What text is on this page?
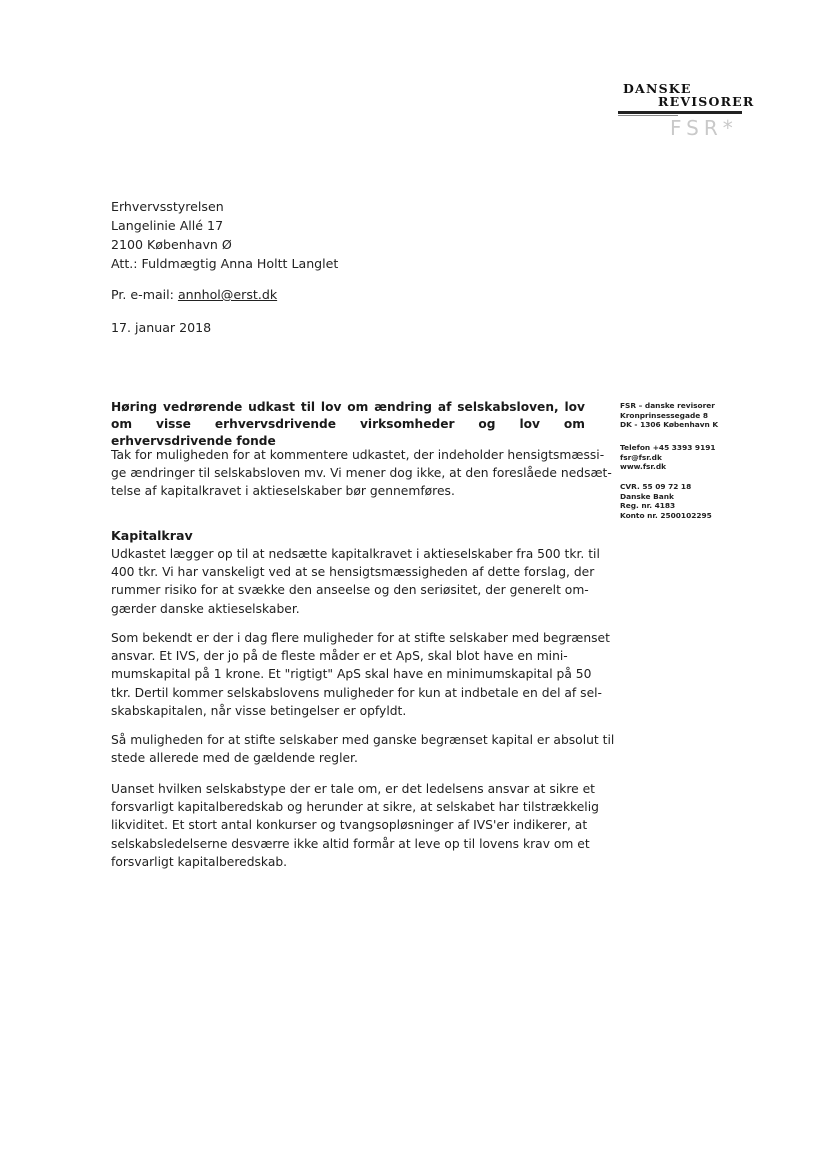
DANSKE
REVISORER
FSR*
Erhvervsstyrelsen
Langelinie Allé 17
2100 København Ø
Att.: Fuldmægtig Anna Holtt Langlet
Pr. e-mail: annhol@erst.dk
17. januar 2018
Høring vedrørende udkast til lov om ændring af selskabsloven, lov om visse erhvervsdrivende virksomheder og lov om erhvervsdrivende fonde
FSR – danske revisorer
Kronprinsessegade 8
DK - 1306 København K
Telefon +45 3393 9191
fsr@fsr.dk
www.fsr.dk
CVR. 55 09 72 18
Danske Bank
Reg. nr. 4183
Konto nr. 2500102295
Tak for muligheden for at kommentere udkastet, der indeholder hensigtsmæssi-
ge ændringer til selskabsloven mv. Vi mener dog ikke, at den foreslåede nedsæt-
telse af kapitalkravet i aktieselskaber bør gennemføres.
Kapitalkrav
Udkastet lægger op til at nedsætte kapitalkravet i aktieselskaber fra 500 tkr. til
400 tkr. Vi har vanskeligt ved at se hensigtsmæssigheden af dette forslag, der
rummer risiko for at svække den anseelse og den seriøsitet, der generelt om-
gærder danske aktieselskaber.
Som bekendt er der i dag flere muligheder for at stifte selskaber med begrænset
ansvar. Et IVS, der jo på de fleste måder er et ApS, skal blot have en mini-
mumskapital på 1 krone. Et "rigtigt" ApS skal have en minimumskapital på 50
tkr. Dertil kommer selskabslovens muligheder for kun at indbetale en del af sel-
skabskapitalen, når visse betingelser er opfyldt.
Så muligheden for at stifte selskaber med ganske begrænset kapital er absolut til
stede allerede med de gældende regler.
Uanset hvilken selskabstype der er tale om, er det ledelsens ansvar at sikre et
forsvarligt kapitalberedskab og herunder at sikre, at selskabet har tilstrækkelig
likviditet. Et stort antal konkurser og tvangsopløsninger af IVS'er indikerer, at
selskabsledelserne desværre ikke altid formår at leve op til lovens krav om et
forsvarligt kapitalberedskab.
